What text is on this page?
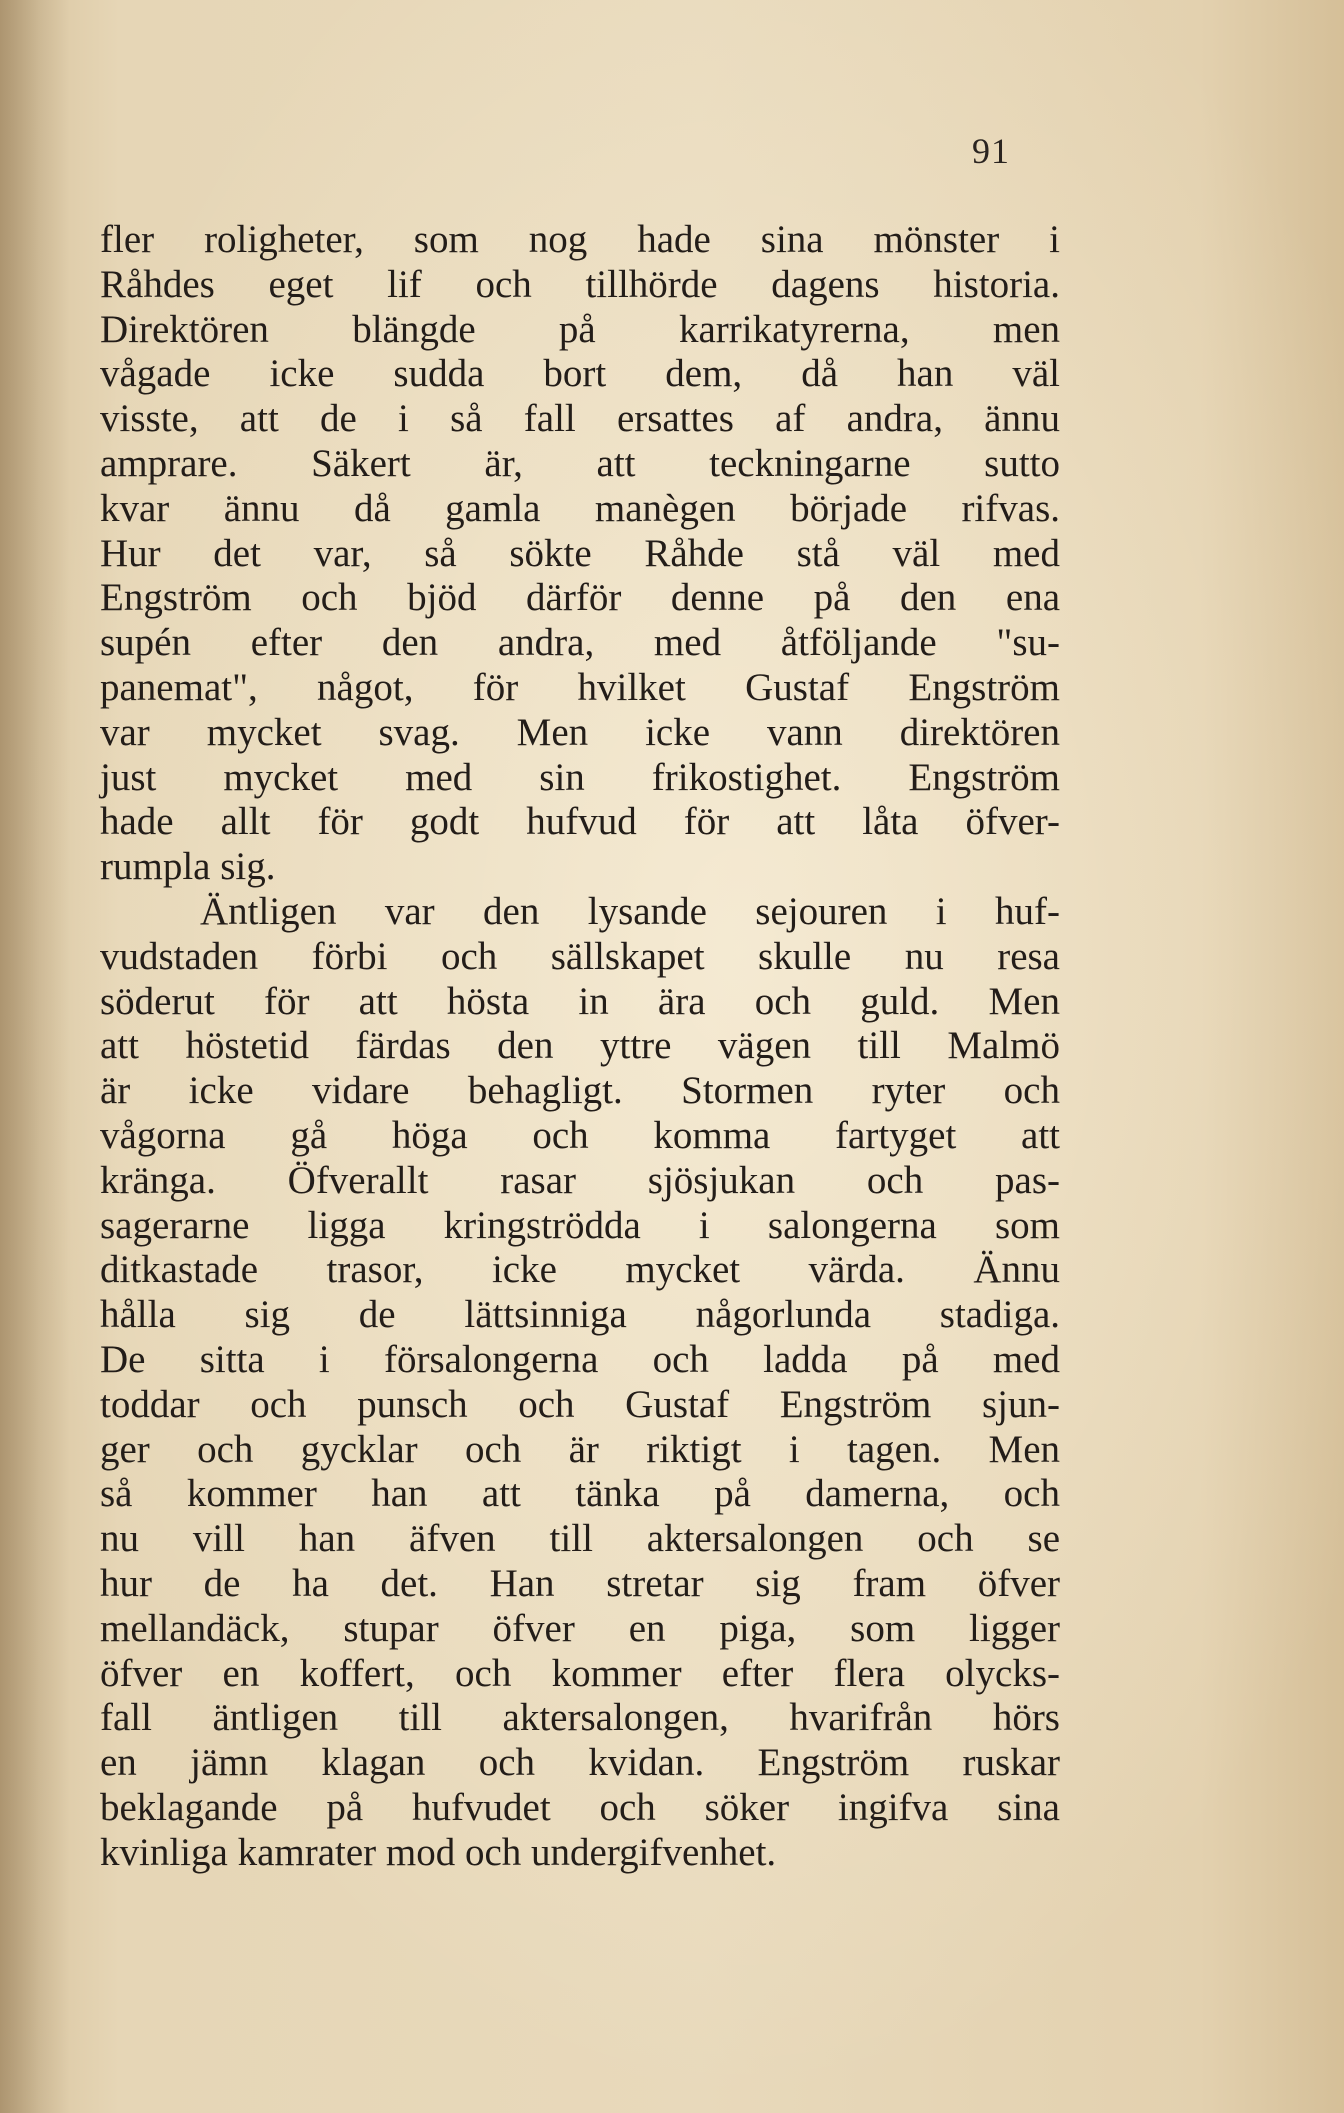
91
fler roligheter, som nog hade sina mönster i
Råhdes eget lif och tillhörde dagens historia.
Direktören blängde på karrikatyrerna, men
vågade icke sudda bort dem, då han väl
visste, att de i så fall ersattes af andra, ännu
amprare. Säkert är, att teckningarne sutto
kvar ännu då gamla manègen började rifvas.
Hur det var, så sökte Råhde stå väl med
Engström och bjöd därför denne på den ena
supén efter den andra, med åtföljande "su-
panemat", något, för hvilket Gustaf Engström
var mycket svag. Men icke vann direktören
just mycket med sin frikostighet. Engström
hade allt för godt hufvud för att låta öfver-
rumpla sig.
Äntligen var den lysande sejouren i huf-
vudstaden förbi och sällskapet skulle nu resa
söderut för att hösta in ära och guld. Men
att höstetid färdas den yttre vägen till Malmö
är icke vidare behagligt. Stormen ryter och
vågorna gå höga och komma fartyget att
kränga. Öfverallt rasar sjösjukan och pas-
sagerarne ligga kringströdda i salongerna som
ditkastade trasor, icke mycket värda. Ännu
hålla sig de lättsinniga någorlunda stadiga.
De sitta i försalongerna och ladda på med
toddar och punsch och Gustaf Engström sjun-
ger och gycklar och är riktigt i tagen. Men
så kommer han att tänka på damerna, och
nu vill han äfven till aktersalongen och se
hur de ha det. Han stretar sig fram öfver
mellandäck, stupar öfver en piga, som ligger
öfver en koffert, och kommer efter flera olycks-
fall äntligen till aktersalongen, hvarifrån hörs
en jämn klagan och kvidan. Engström ruskar
beklagande på hufvudet och söker ingifva sina
kvinliga kamrater mod och undergifvenhet.
